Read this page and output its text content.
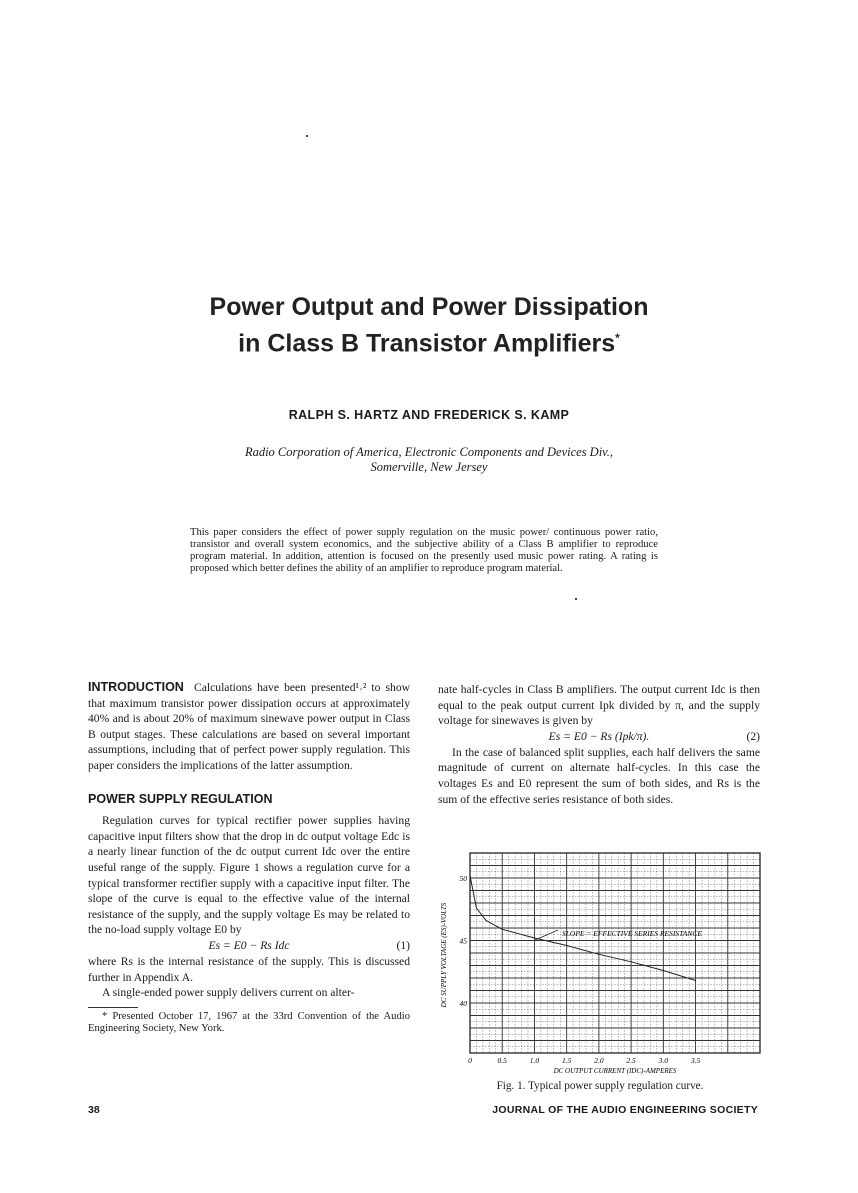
Power Output and Power Dissipation
in Class B Transistor Amplifiers*
RALPH S. HARTZ AND FREDERICK S. KAMP
Radio Corporation of America, Electronic Components and Devices Div.,
Somerville, New Jersey
This paper considers the effect of power supply regulation on the music power/ continuous power ratio, transistor and overall system economics, and the subjective ability of a Class B amplifier to reproduce program material. In addition, attention is focused on the presently used music power rating. A rating is proposed which better defines the ability of an amplifier to reproduce program material.

INTRODUCTION Calculations have been presented¹˒² to show that maximum transistor power dissipation occurs at approximately 40% and is about 20% of maximum sinewave power output in Class B output stages. These calculations are based on several important assumptions, including that of perfect power supply regulation. This paper considers the implications of the latter assumption.

POWER SUPPLY REGULATION

Regulation curves for typical rectifier power supplies having capacitive input filters show that the drop in dc output voltage Edc is a nearly linear function of the dc output current Idc over the entire useful range of the supply. Figure 1 shows a regulation curve for a typical transformer rectifier supply with a capacitive input filter. The slope of the curve is equal to the effective value of the internal resistance of the supply, and the supply voltage Es may be related to the no-load supply voltage E0 by

Es = E0 − Rs Idc	(1)

where Rs is the internal resistance of the supply. This is discussed further in Appendix A.

A single-ended power supply delivers current on alter-

* Presented October 17, 1967 at the 33rd Convention of the Audio Engineering Society, New York.

nate half-cycles in Class B amplifiers. The output current Idc is then equal to the peak output current Ipk divided by π, and the supply voltage for sinewaves is given by

Es = E0 − Rs (Ipk/π).	(2)

In the case of balanced split supplies, each half delivers the same magnitude of current on alternate half-cycles. In this case the voltages Es and E0 represent the sum of both sides, and Rs is the sum of the effective series resistance of both sides.

0	0.5	1.0	1.5	2.0	2.5	3.0	3.5
40
45
50
SLOPE = EFFECTIVE SERIES RESISTANCE
DC OUTPUT CURRENT (IDC)-AMPERES
DC SUPPLY VOLTAGE (ES)-VOLTS
Fig. 1. Typical power supply regulation curve.
38	JOURNAL OF THE AUDIO ENGINEERING SOCIETY
